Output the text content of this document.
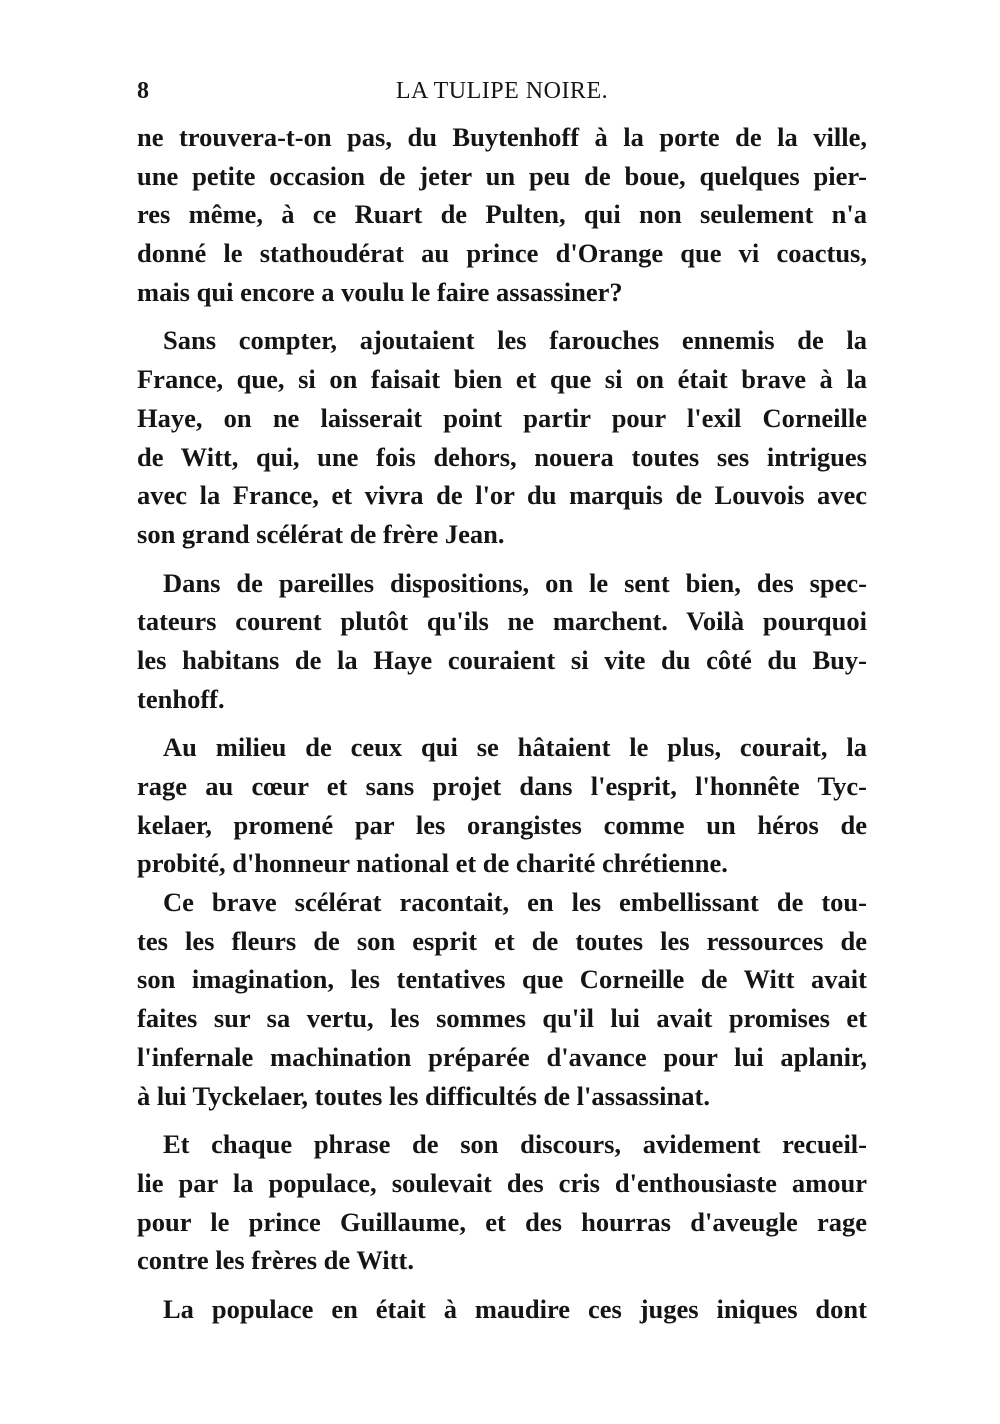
8	LA TULIPE NOIRE.
ne trouvera-t-on pas, du Buytenhoff à la porte de la ville,
une petite occasion de jeter un peu de boue, quelques pier-
res même, à ce Ruart de Pulten, qui non seulement n'a
donné le stathoudérat au prince d'Orange que vi coactus,
mais qui encore a voulu le faire assassiner?
Sans compter, ajoutaient les farouches ennemis de la
France, que, si on faisait bien et que si on était brave à la
Haye, on ne laisserait point partir pour l'exil Corneille
de Witt, qui, une fois dehors, nouera toutes ses intrigues
avec la France, et vivra de l'or du marquis de Louvois avec
son grand scélérat de frère Jean.
Dans de pareilles dispositions, on le sent bien, des spec-
tateurs courent plutôt qu'ils ne marchent. Voilà pourquoi
les habitans de la Haye couraient si vite du côté du Buy-
tenhoff.
Au milieu de ceux qui se hâtaient le plus, courait, la
rage au cœur et sans projet dans l'esprit, l'honnête Tyc-
kelaer, promené par les orangistes comme un héros de
probité, d'honneur national et de charité chrétienne.
Ce brave scélérat racontait, en les embellissant de tou-
tes les fleurs de son esprit et de toutes les ressources de
son imagination, les tentatives que Corneille de Witt avait
faites sur sa vertu, les sommes qu'il lui avait promises et
l'infernale machination préparée d'avance pour lui aplanir,
à lui Tyckelaer, toutes les difficultés de l'assassinat.
Et chaque phrase de son discours, avidement recueil-
lie par la populace, soulevait des cris d'enthousiaste amour
pour le prince Guillaume, et des hourras d'aveugle rage
contre les frères de Witt.
La populace en était à maudire ces juges iniques dont
